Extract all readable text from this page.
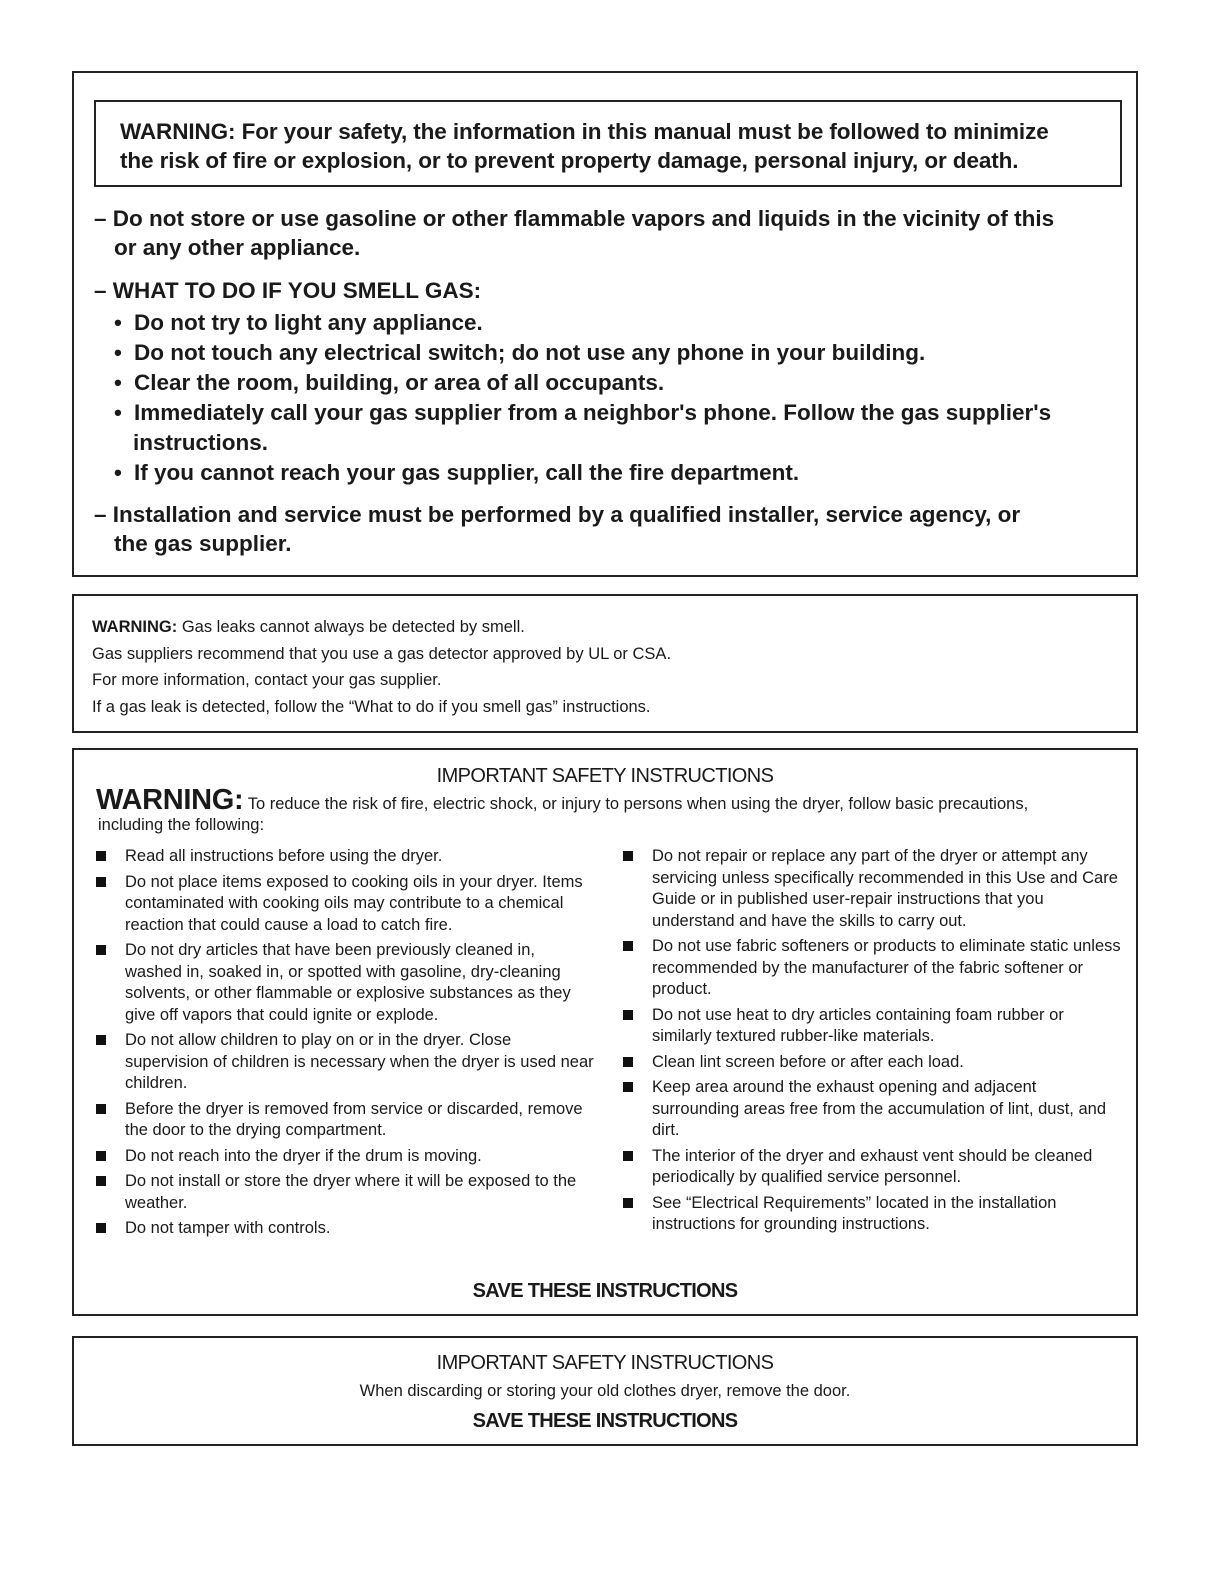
WARNING: For your safety, the information in this manual must be followed to minimize
the risk of fire or explosion, or to prevent property damage, personal injury, or death.
– Do not store or use gasoline or other flammable vapors and liquids in the vicinity of this
or any other appliance.
– WHAT TO DO IF YOU SMELL GAS:
• Do not try to light any appliance.
• Do not touch any electrical switch; do not use any phone in your building.
• Clear the room, building, or area of all occupants.
• Immediately call your gas supplier from a neighbor's phone. Follow the gas supplier's
instructions.
• If you cannot reach your gas supplier, call the fire department.
– Installation and service must be performed by a qualified installer, service agency, or
the gas supplier.
WARNING: Gas leaks cannot always be detected by smell.
Gas suppliers recommend that you use a gas detector approved by UL or CSA.
For more information, contact your gas supplier.
If a gas leak is detected, follow the “What to do if you smell gas” instructions.
IMPORTANT SAFETY INSTRUCTIONS
WARNING: To reduce the risk of fire, electric shock, or injury to persons when using the dryer, follow basic precautions,
including the following:
Read all instructions before using the dryer.
Do not place items exposed to cooking oils in your dryer. Items contaminated with cooking oils may contribute to a chemical reaction that could cause a load to catch fire.
Do not dry articles that have been previously cleaned in, washed in, soaked in, or spotted with gasoline, dry-cleaning solvents, or other flammable or explosive substances as they give off vapors that could ignite or explode.
Do not allow children to play on or in the dryer. Close supervision of children is necessary when the dryer is used near children.
Before the dryer is removed from service or discarded, remove the door to the drying compartment.
Do not reach into the dryer if the drum is moving.
Do not install or store the dryer where it will be exposed to the weather.
Do not tamper with controls.
Do not repair or replace any part of the dryer or attempt any servicing unless specifically recommended in this Use and Care Guide or in published user-repair instructions that you understand and have the skills to carry out.
Do not use fabric softeners or products to eliminate static unless recommended by the manufacturer of the fabric softener or product.
Do not use heat to dry articles containing foam rubber or similarly textured rubber-like materials.
Clean lint screen before or after each load.
Keep area around the exhaust opening and adjacent surrounding areas free from the accumulation of lint, dust, and dirt.
The interior of the dryer and exhaust vent should be cleaned periodically by qualified service personnel.
See “Electrical Requirements” located in the installation instructions for grounding instructions.
SAVE THESE INSTRUCTIONS
IMPORTANT SAFETY INSTRUCTIONS
When discarding or storing your old clothes dryer, remove the door.
SAVE THESE INSTRUCTIONS
